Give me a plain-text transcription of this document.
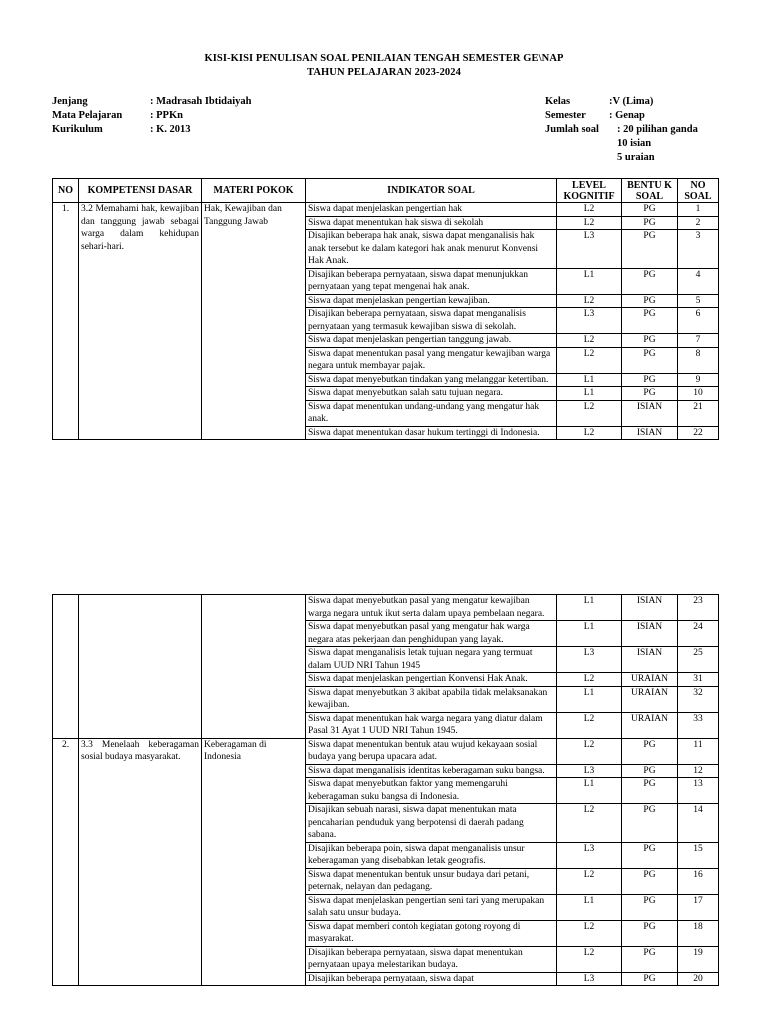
KISI-KISI PENULISAN SOAL PENILAIAN TENGAH SEMESTER GE\NAP
TAHUN PELAJARAN 2023-2024
Jenjang	: Madrasah Ibtidaiyah
Mata Pelajaran	: PPKn
Kurikulum	: K. 2013
Kelas	:V (Lima)
Semester	: Genap
Jumlah soal	: 20 pilihan ganda
10 isian
5 uraian
NO	KOMPETENSI DASAR	MATERI POKOK	INDIKATOR SOAL	LEVEL KOGNITIF	BENTU K SOAL	NO SOAL
1.	3.2 Memahami hak, kewajiban dan tanggung jawab sebagai warga dalam kehidupan sehari-hari.	Hak, Kewajiban dan Tanggung Jawab	Siswa dapat menjelaskan pengertian hak	L2	PG	1
			Siswa dapat menentukan hak siswa di sekolah	L2	PG	2
			Disajikan beberapa hak anak, siswa dapat menganalisis hak anak tersebut ke dalam kategori hak anak menurut Konvensi Hak Anak.	L3	PG	3
			Disajikan beberapa pernyataan, siswa dapat menunjukkan pernyataan yang tepat mengenai hak anak.	L1	PG	4
			Siswa dapat menjelaskan pengertian kewajiban.	L2	PG	5
			Disajikan beberapa pernyataan, siswa dapat menganalisis pernyataan yang termasuk kewajiban siswa di sekolah.	L3	PG	6
			Siswa dapat menjelaskan pengertian tanggung jawab.	L2	PG	7
			Siswa dapat menentukan pasal yang mengatur kewajiban warga negara untuk membayar pajak.	L2	PG	8
			Siswa dapat menyebutkan tindakan yang melanggar ketertiban.	L1	PG	9
			Siswa dapat menyebutkan salah satu tujuan negara.	L1	PG	10
			Siswa dapat menentukan undang-undang yang mengatur hak anak.	L2	ISIAN	21
			Siswa dapat menentukan dasar hukum tertinggi di Indonesia.	L2	ISIAN	22
			Siswa dapat menyebutkan pasal yang mengatur kewajiban warga negara untuk ikut serta dalam upaya pembelaan negara.	L1	ISIAN	23
			Siswa dapat menyebutkan pasal yang mengatur hak warga negara atas pekerjaan dan penghidupan yang layak.	L1	ISIAN	24
			Siswa dapat menganalisis letak tujuan negara yang termuat dalam UUD NRI Tahun 1945	L3	ISIAN	25
			Siswa dapat menjelaskan pengertian Konvensi Hak Anak.	L2	URAIAN	31
			Siswa dapat menyebutkan 3 akibat apabila tidak melaksanakan kewajiban.	L1	URAIAN	32
			Siswa dapat menentukan hak warga negara yang diatur dalam Pasal 31 Ayat 1 UUD NRI Tahun 1945.	L2	URAIAN	33
2.	3.3 Menelaah keberagaman sosial budaya masyarakat.	Keberagaman di Indonesia	Siswa dapat menentukan bentuk atau wujud kekayaan sosial budaya yang berupa upacara adat.	L2	PG	11
			Siswa dapat menganalisis identitas keberagaman suku bangsa.	L3	PG	12
			Siswa dapat menyebutkan faktor yang memengaruhi keberagaman suku bangsa di Indonesia.	L1	PG	13
			Disajikan sebuah narasi, siswa dapat menentukan mata pencaharian penduduk yang berpotensi di daerah padang sabana.	L2	PG	14
			Disajikan beberapa poin, siswa dapat menganalisis unsur keberagaman yang disebabkan letak geografis.	L3	PG	15
			Siswa dapat menentukan bentuk unsur budaya dari petani, peternak, nelayan dan pedagang.	L2	PG	16
			Siswa dapat menjelaskan pengertian seni tari yang merupakan salah satu unsur budaya.	L1	PG	17
			Siswa dapat memberi contoh kegiatan gotong royong di masyarakat.	L2	PG	18
			Disajikan beberapa pernyataan, siswa dapat menentukan pernyataan upaya melestarikan budaya.	L2	PG	19
			Disajikan beberapa pernyataan, siswa dapat	L3	PG	20
